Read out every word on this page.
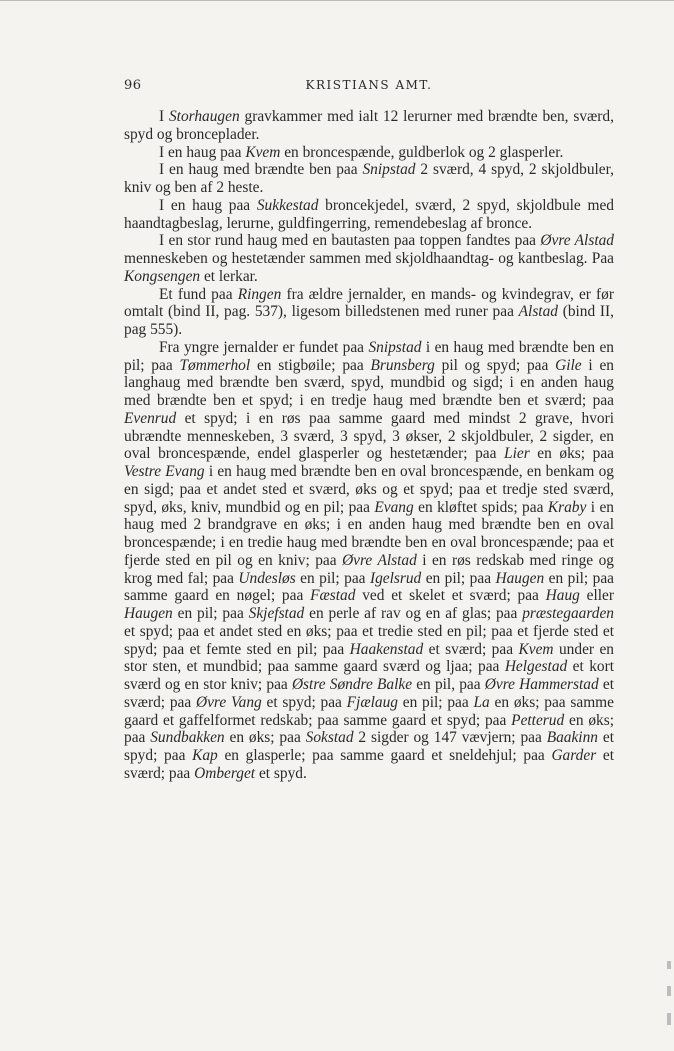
96	KRISTIANS AMT.

I Storhaugen gravkammer med ialt 12 lerurner med brændte ben, sværd, spyd og bronceplader.

I en haug paa Kvem en broncespænde, guldberlok og 2 glasperler.

I en haug med brændte ben paa Snipstad 2 sværd, 4 spyd, 2 skjoldbuler, kniv og ben af 2 heste.

I en haug paa Sukkestad broncekjedel, sværd, 2 spyd, skjoldbule med haandtagbeslag, lerurne, guldfingerring, remendebeslag af bronce.

I en stor rund haug med en bautasten paa toppen fandtes paa Øvre Alstad menneskeben og hestetænder sammen med skjoldhaandtag- og kantbeslag. Paa Kongsengen et lerkar.

Et fund paa Ringen fra ældre jernalder, en mands- og kvindegrav, er før omtalt (bind II, pag. 537), ligesom billedstenen med runer paa Alstad (bind II, pag 555).

Fra yngre jernalder er fundet paa Snipstad i en haug med brændte ben en pil; paa Tømmerhol en stigbøile; paa Brunsberg pil og spyd; paa Gile i en langhaug med brændte ben sværd, spyd, mundbid og sigd; i en anden haug med brændte ben et spyd; i en tredje haug med brændte ben et sværd; paa Evenrud et spyd; i en røs paa samme gaard med mindst 2 grave, hvori ubrændte menneskeben, 3 sværd, 3 spyd, 3 økser, 2 skjoldbuler, 2 sigder, en oval broncespænde, endel glasperler og hestetænder; paa Lier en øks; paa Vestre Evang i en haug med brændte ben en oval broncespænde, en benkam og en sigd; paa et andet sted et sværd, øks og et spyd; paa et tredje sted sværd, spyd, øks, kniv, mundbid og en pil; paa Evang en kløftet spids; paa Kraby i en haug med 2 brandgrave en øks; i en anden haug med brændte ben en oval broncespænde; i en tredie haug med brændte ben en oval broncespænde; paa et fjerde sted en pil og en kniv; paa Øvre Alstad i en røs redskab med ringe og krog med fal; paa Undesløs en pil; paa Igelsrud en pil; paa Haugen en pil; paa samme gaard en nøgel; paa Fæstad ved et skelet et sværd; paa Haug eller Haugen en pil; paa Skjefstad en perle af rav og en af glas; paa præstegaarden et spyd; paa et andet sted en øks; paa et tredie sted en pil; paa et fjerde sted et spyd; paa et femte sted en pil; paa Haakenstad et sværd; paa Kvem under en stor sten, et mundbid; paa samme gaard sværd og ljaa; paa Helgestad et kort sværd og en stor kniv; paa Østre Søndre Balke en pil, paa Øvre Hammerstad et sværd; paa Øvre Vang et spyd; paa Fjælaug en pil; paa La en øks; paa samme gaard et gaffelformet redskab; paa samme gaard et spyd; paa Petterud en øks; paa Sundbakken en øks; paa Sokstad 2 sigder og 147 vævjern; paa Baakinn et spyd; paa Kap en glasperle; paa samme gaard et sneldehjul; paa Garder et sværd; paa Omberget et spyd.
